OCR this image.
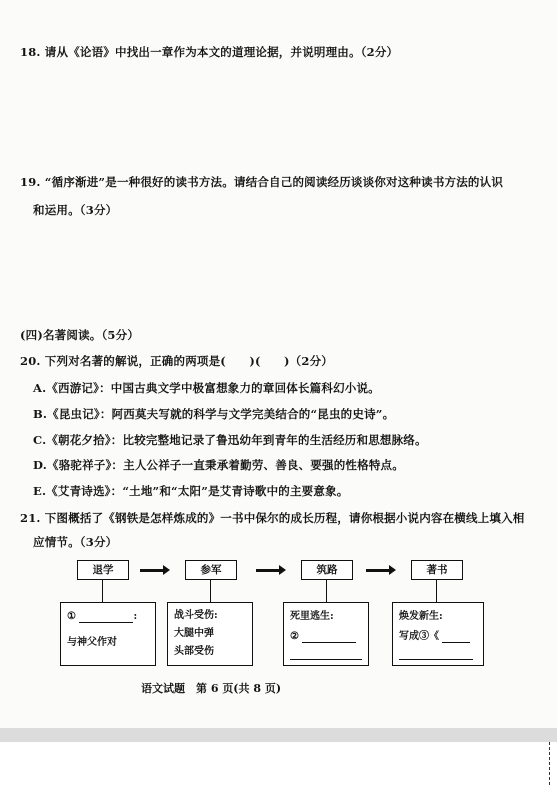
18. 请从《论语》中找出一章作为本文的道理论据，并说明理由。（2分）
19. “循序渐进”是一种很好的读书方法。请结合自己的阅读经历谈谈你对这种读书方法的认识
和运用。（3分）
(四)名著阅读。（5分）
20. 下列对名著的解说，正确的两项是(　　)(　　)（2分）
A.《西游记》：中国古典文学中极富想象力的章回体长篇科幻小说。
B.《昆虫记》：阿西莫夫写就的科学与文学完美结合的“昆虫的史诗”。
C.《朝花夕拾》：比较完整地记录了鲁迅幼年到青年的生活经历和思想脉络。
D.《骆驼祥子》：主人公祥子一直秉承着勤劳、善良、要强的性格特点。
E.《艾青诗选》：“土地”和“太阳”是艾青诗歌中的主要意象。
21. 下图概括了《钢铁是怎样炼成的》一书中保尔的成长历程，请你根据小说内容在横线上填入相
应情节。（3分）
退学	参军	筑路	著书
①	:
与神父作对
战斗受伤:
大腿中弹
头部受伤
死里逃生:
②
焕发新生:
写成③《
语文试题　第 6 页(共 8 页)
